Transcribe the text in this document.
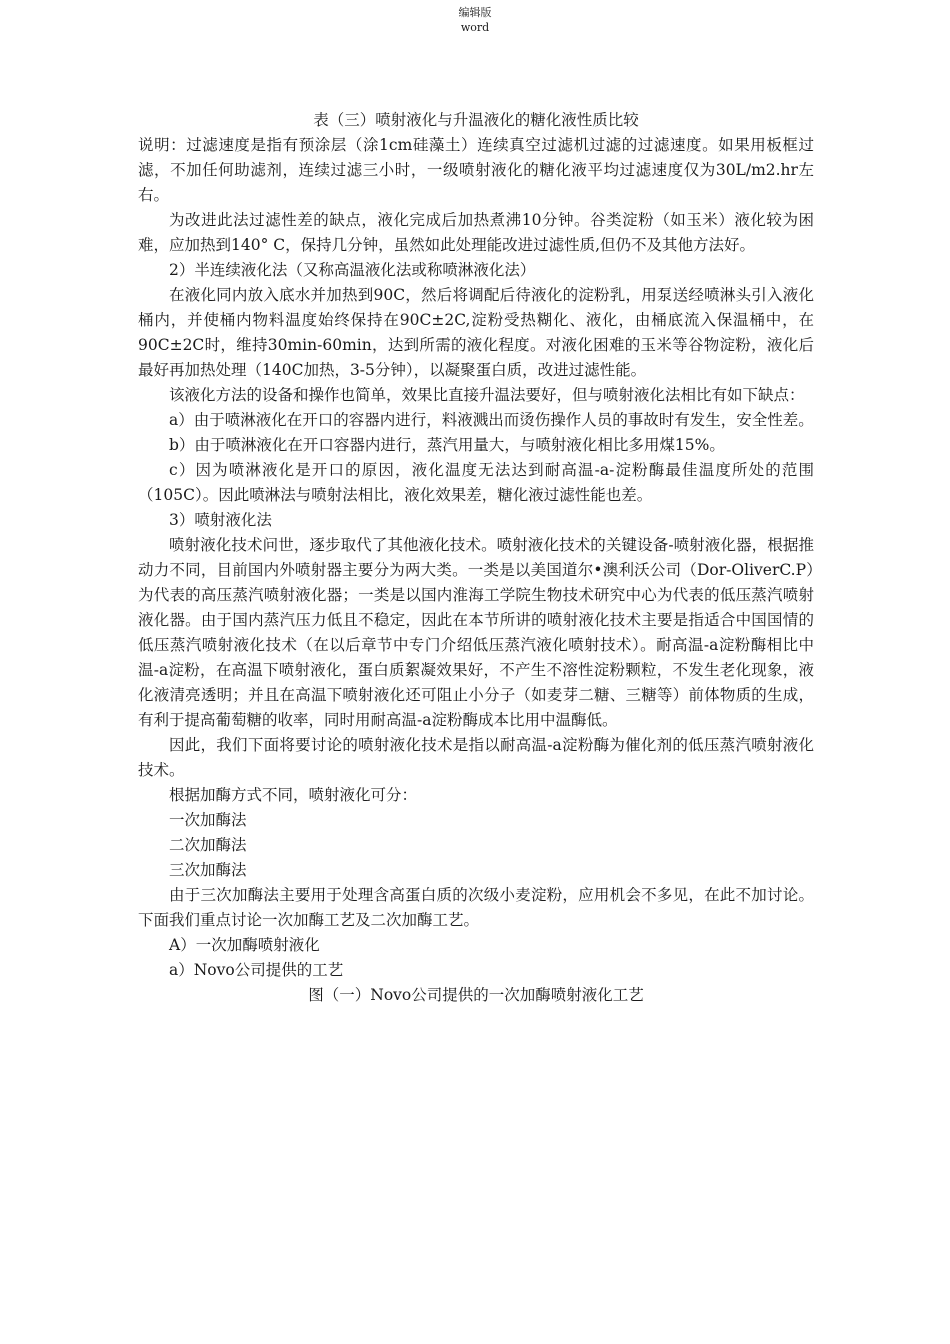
编辑版
word

表（三）喷射液化与升温液化的糖化液性质比较

说明：过滤速度是指有预涂层（涂1cm硅藻土）连续真空过滤机过滤的过滤速度。如果用板框过滤，不加任何助滤剂，连续过滤三小时，一级喷射液化的糖化液平均过滤速度仅为30L/m2.hr左右。

为改进此法过滤性差的缺点，液化完成后加热煮沸10分钟。谷类淀粉（如玉米）液化较为困难，应加热到140° C，保持几分钟，虽然如此处理能改进过滤性质,但仍不及其他方法好。

2）半连续液化法（又称高温液化法或称喷淋液化法）

在液化同内放入底水并加热到90C，然后将调配后待液化的淀粉乳，用泵送经喷淋头引入液化桶内，并使桶内物料温度始终保持在90C±2C,淀粉受热糊化、液化，由桶底流入保温桶中，在90C±2C时，维持30min-60min，达到所需的液化程度。对液化困难的玉米等谷物淀粉，液化后最好再加热处理（140C加热，3-5分钟），以凝聚蛋白质，改进过滤性能。

该液化方法的设备和操作也简单，效果比直接升温法要好，但与喷射液化法相比有如下缺点：

a）由于喷淋液化在开口的容器内进行，料液溅出而烫伤操作人员的事故时有发生，安全性差。

b）由于喷淋液化在开口容器内进行，蒸汽用量大，与喷射液化相比多用煤15%。

c）因为喷淋液化是开口的原因，液化温度无法达到耐高温-a-淀粉酶最佳温度所处的范围（105C）。因此喷淋法与喷射法相比，液化效果差，糖化液过滤性能也差。

3）喷射液化法

喷射液化技术问世，逐步取代了其他液化技术。喷射液化技术的关键设备-喷射液化器，根据推动力不同，目前国内外喷射器主要分为两大类。一类是以美国道尔•澳利沃公司（Dor-OliverC.P）为代表的高压蒸汽喷射液化器；一类是以国内淮海工学院生物技术研究中心为代表的低压蒸汽喷射液化器。由于国内蒸汽压力低且不稳定，因此在本节所讲的喷射液化技术主要是指适合中国国情的低压蒸汽喷射液化技术（在以后章节中专门介绍低压蒸汽液化喷射技术）。耐高温-a淀粉酶相比中温-a淀粉，在高温下喷射液化，蛋白质絮凝效果好，不产生不溶性淀粉颗粒，不发生老化现象，液化液清亮透明；并且在高温下喷射液化还可阻止小分子（如麦芽二糖、三糖等）前体物质的生成，有利于提高葡萄糖的收率，同时用耐高温-a淀粉酶成本比用中温酶低。

因此，我们下面将要讨论的喷射液化技术是指以耐高温-a淀粉酶为催化剂的低压蒸汽喷射液化技术。

根据加酶方式不同，喷射液化可分：

一次加酶法

二次加酶法

三次加酶法

由于三次加酶法主要用于处理含高蛋白质的次级小麦淀粉，应用机会不多见，在此不加讨论。下面我们重点讨论一次加酶工艺及二次加酶工艺。

A）一次加酶喷射液化

a）Novo公司提供的工艺

图（一）Novo公司提供的一次加酶喷射液化工艺
